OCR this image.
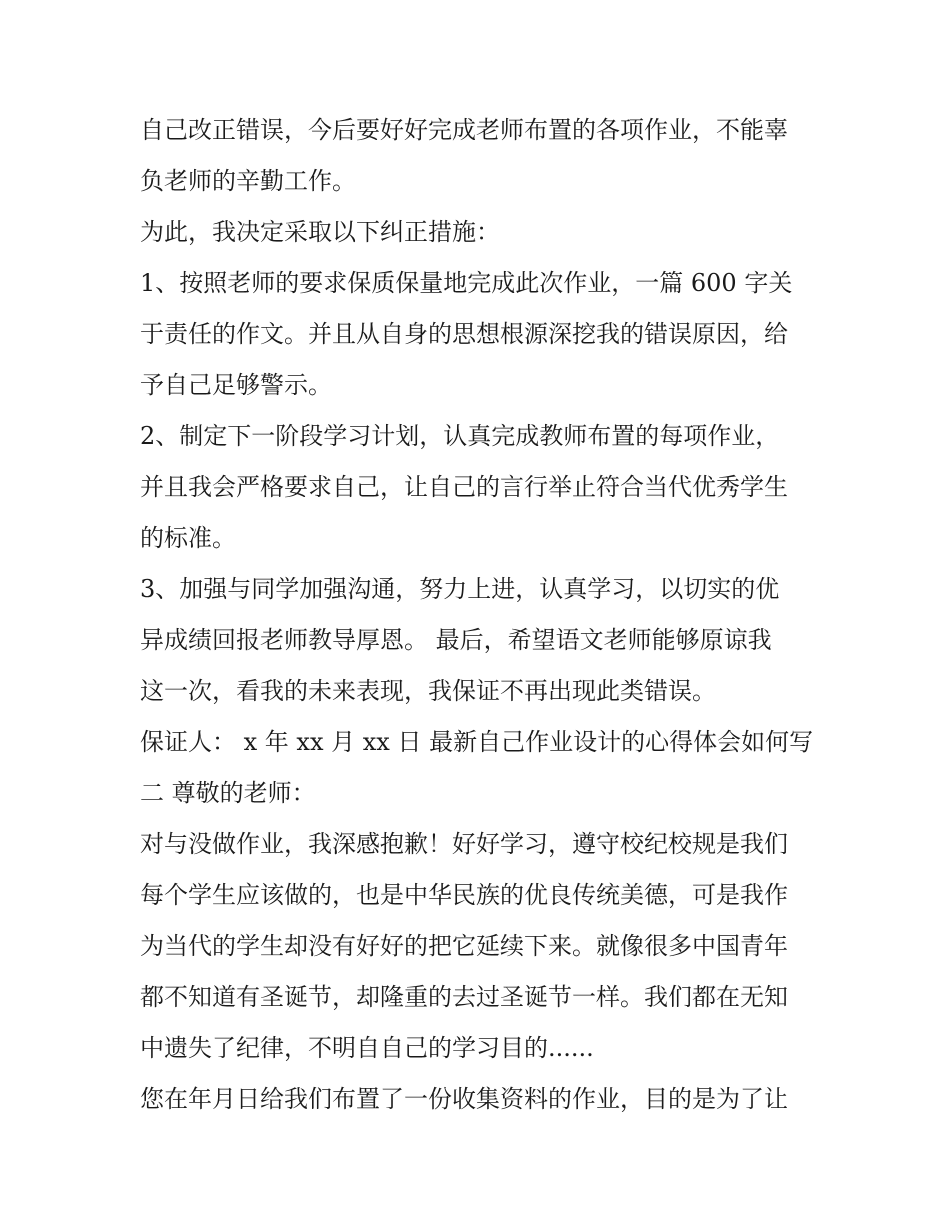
自己改正错误，今后要好好完成老师布置的各项作业，不能辜
负老师的辛勤工作。
为此，我决定采取以下纠正措施：
1、按照老师的要求保质保量地完成此次作业，一篇 600 字关
于责任的作文。并且从自身的思想根源深挖我的错误原因，给
予自己足够警示。
2、制定下一阶段学习计划，认真完成教师布置的每项作业，
并且我会严格要求自己，让自己的言行举止符合当代优秀学生
的标准。
3、加强与同学加强沟通，努力上进，认真学习，以切实的优
异成绩回报老师教导厚恩。 最后，希望语文老师能够原谅我
这一次，看我的未来表现，我保证不再出现此类错误。
保证人： x 年 xx 月 xx 日 最新自己作业设计的心得体会如何写
二 尊敬的老师：
对与没做作业，我深感抱歉！好好学习，遵守校纪校规是我们
每个学生应该做的，也是中华民族的优良传统美德，可是我作
为当代的学生却没有好好的把它延续下来。就像很多中国青年
都不知道有圣诞节，却隆重的去过圣诞节一样。我们都在无知
中遗失了纪律，不明自自己的学习目的......
您在年月日给我们布置了一份收集资料的作业，目的是为了让
